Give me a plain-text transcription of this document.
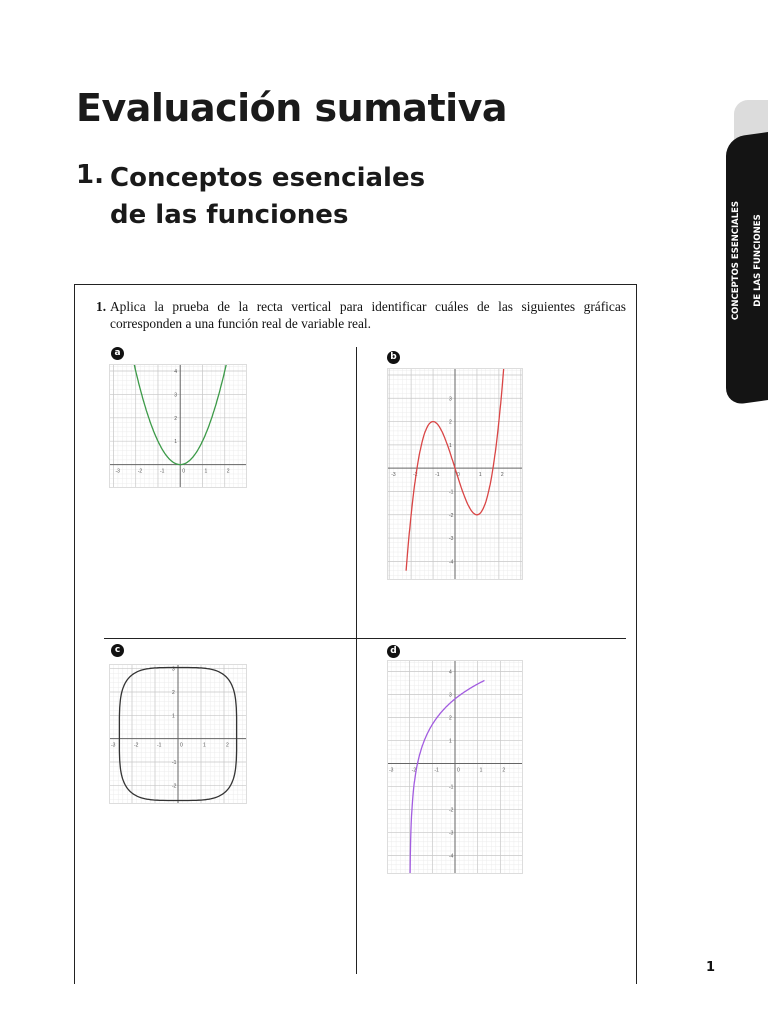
Evaluación sumativa
1. Conceptos esenciales de las funciones	CONCEPTOS ESENCIALES DE LAS FUNCIONES
1. Aplica la prueba de la recta vertical para identificar cuáles de las siguientes gráficas corresponden a una función real de variable real.
a	b
c	d
-3	-2	-1	0	1	2
4
3
2
1
-3	-2	-1	0	1	2
3
2
1
-1
-2
-3
-4
-3	-2	-1	0	1	2
3
2
1
-1
-2
-3	-2	-1	0	1	2
4
3
2
1
-1
-2
-3
-4
1
